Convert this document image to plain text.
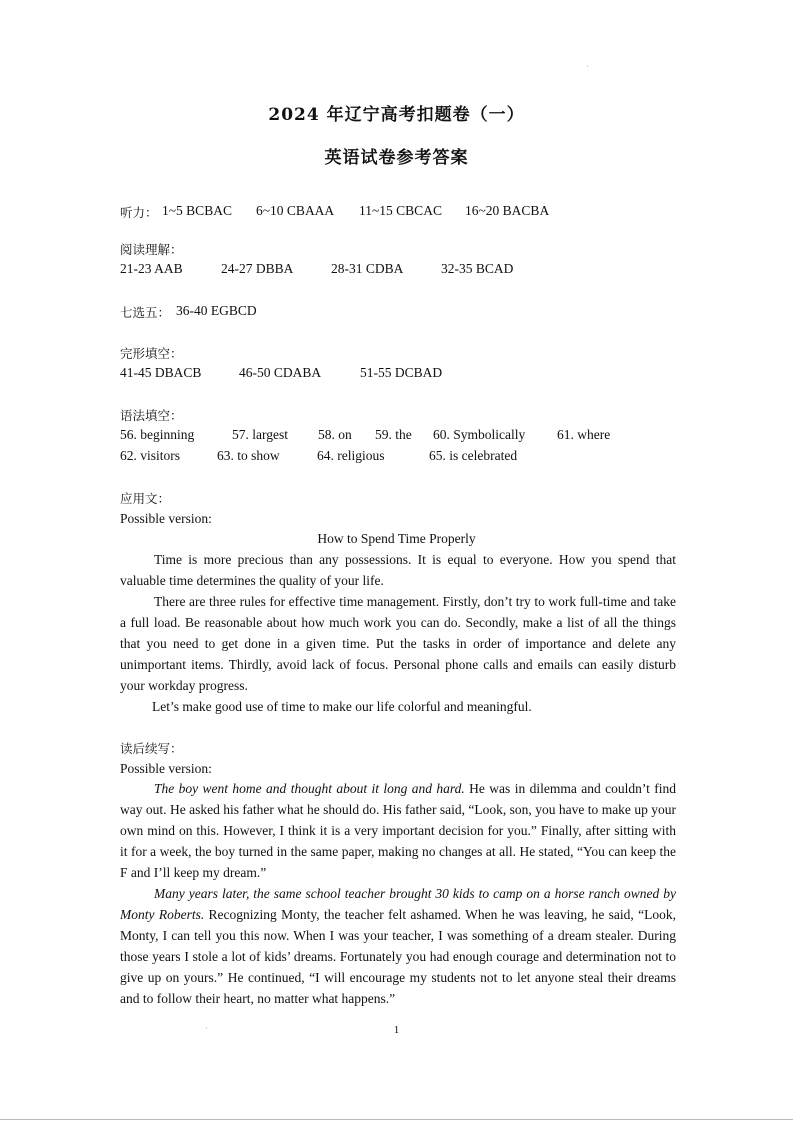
·
2024 年辽宁高考扣题卷（一）
英语试卷参考答案
听力： 1~5 BCBAC 6~10 CBAAA 11~15 CBCAC 16~20 BACBA
阅读理解：
21-23 AAB	24-27 DBBA	28-31 CDBA	32-35 BCAD
七选五： 36-40 EGBCD
完形填空：
41-45 DBACB	46-50 CDABA	51-55 DCBAD
语法填空：
56. beginning	57. largest 58. on 59. the 60. Symbolically 61. where
62. visitors	63. to show	64. religious	65. is celebrated
应用文：
Possible version:
How to Spend Time Properly

Time is more precious than any possessions. It is equal to everyone. How you spend that valuable time determines the quality of your life.

There are three rules for effective time management. Firstly, don’t try to work full-time and take a full load. Be reasonable about how much work you can do. Secondly, make a list of all the things that you need to get done in a given time. Put the tasks in order of importance and delete any unimportant items. Thirdly, avoid lack of focus. Personal phone calls and emails can easily disturb your workday progress.

Let’s make good use of time to make our life colorful and meaningful.

读后续写：
Possible version:

The boy went home and thought about it long and hard. He was in dilemma and couldn’t find way out. He asked his father what he should do. His father said, “Look, son, you have to make up your own mind on this. However, I think it is a very important decision for you.” Finally, after sitting with it for a week, the boy turned in the same paper, making no changes at all. He stated, “You can keep the F and I’ll keep my dream.”

Many years later, the same school teacher brought 30 kids to camp on a horse ranch owned by Monty Roberts. Recognizing Monty, the teacher felt ashamed. When he was leaving, he said, “Look, Monty, I can tell you this now. When I was your teacher, I was something of a dream stealer. During those years I stole a lot of kids’ dreams. Fortunately you had enough courage and determination not to give up on yours.” He continued, “I will encourage my students not to let anyone steal their dreams and to follow their heart, no matter what happens.”

·	1
